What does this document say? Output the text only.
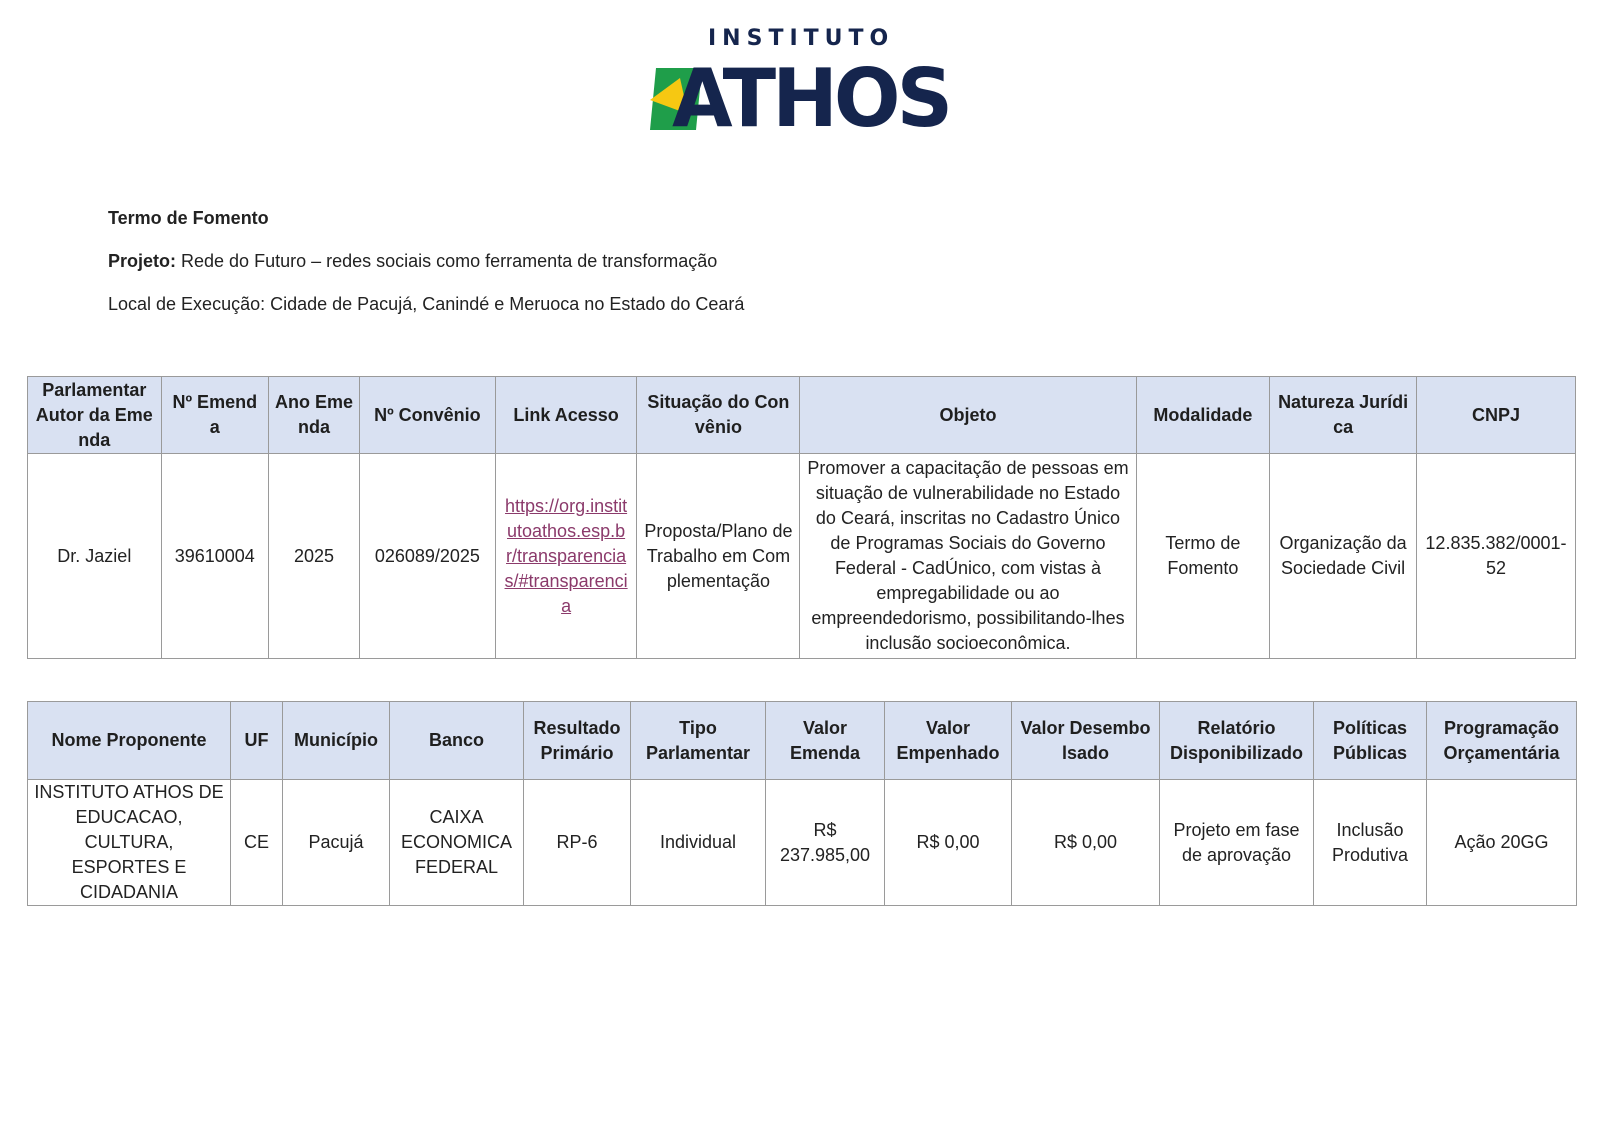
INSTITUTO
ATHOS
Termo de Fomento
Projeto: Rede do Futuro – redes sociais como ferramenta de transformação
Local de Execução: Cidade de Pacujá, Canindé e Meruoca no Estado do Ceará
Parlamentar Autor da Emenda	Nº Emenda	Ano Emenda	Nº Convênio	Link Acesso	Situação do Convênio	Objeto	Modalidade	Natureza Jurídica	CNPJ
Dr. Jaziel	39610004	2025	026089/2025	https://org.institutoathos.esp.br/transparencias/#transparencia	Proposta/Plano de Trabalho em Complementação	Promover a capacitação de pessoas em situação de vulnerabilidade no Estado do Ceará, inscritas no Cadastro Único de Programas Sociais do Governo Federal - CadÚnico, com vistas à empregabilidade ou ao empreendedorismo, possibilitando-lhes inclusão socioeconômica.	Termo de Fomento	Organização da Sociedade Civil	12.835.382/0001-52
Nome Proponente	UF	Município	Banco	Resultado Primário	Tipo Parlamentar	Valor Emenda	Valor Empenhado	Valor Desembolsado	Relatório Disponibilizado	Políticas Públicas	Programação Orçamentária
INSTITUTO ATHOS DE EDUCACAO, CULTURA, ESPORTES E CIDADANIA	CE	Pacujá	CAIXA ECONOMICA FEDERAL	RP-6	Individual	R$ 237.985,00	R$ 0,00	R$ 0,00	Projeto em fase de aprovação	Inclusão Produtiva	Ação 20GG
